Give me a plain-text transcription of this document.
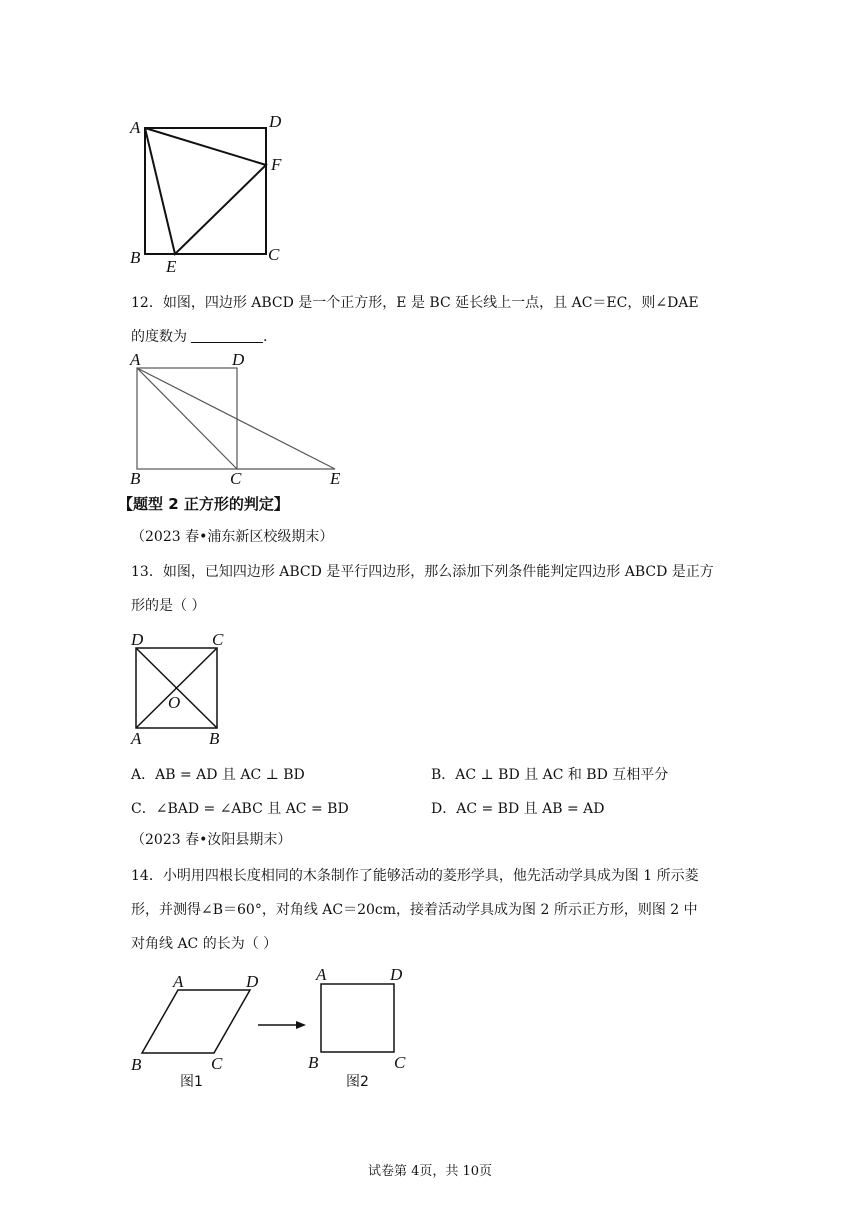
A	D
F
B E
C
12．如图，四边形 ABCD 是一个正方形，E 是 BC 延长线上一点，且 AC＝EC，则∠DAE
的度数为	.
A	D
B	C	E
【题型 2 正方形的判定】
（2023 春•浦东新区校级期末）
13．如图，已知四边形 ABCD 是平行四边形，那么添加下列条件能判定四边形 ABCD 是正方
形的是（ ）
D	C
O
A	B
A．AB = AD 且 AC ⊥ BD	B．AC ⊥ BD 且 AC 和 BD 互相平分
C．∠BAD = ∠ABC 且 AC = BD	D．AC = BD 且 AB = AD
（2023 春•汝阳县期末）
14．小明用四根长度相同的木条制作了能够活动的菱形学具，他先活动学具成为图 1 所示菱
形，并测得∠B＝60°，对角线 AC＝20cm，接着活动学具成为图 2 所示正方形，则图 2 中
对角线 AC 的长为（ ）
A	D
B	C
图1
A	D
B	C
图2
试卷第 4页，共 10页
